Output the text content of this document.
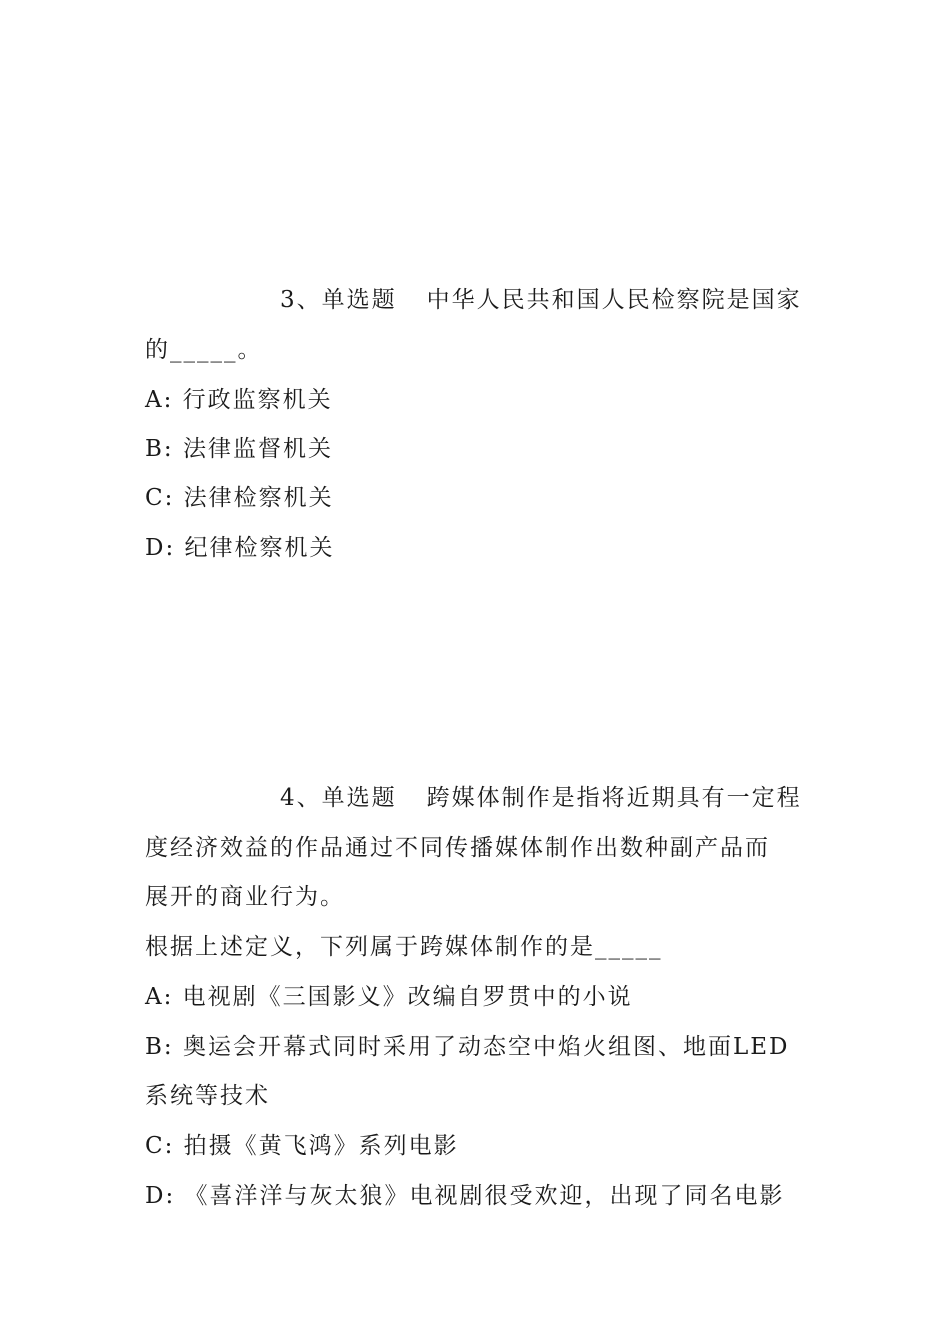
3、单选题 中华人民共和国人民检察院是国家
的_____。
A: 行政监察机关
B: 法律监督机关
C: 法律检察机关
D: 纪律检察机关
4、单选题 跨媒体制作是指将近期具有一定程
度经济效益的作品通过不同传播媒体制作出数种副产品而
展开的商业行为。
根据上述定义，下列属于跨媒体制作的是_____
A: 电视剧《三国影义》改编自罗贯中的小说
B: 奥运会开幕式同时采用了动态空中焰火组图、地面LED
系统等技术
C: 拍摄《黄飞鸿》系列电影
D: 《喜洋洋与灰太狼》电视剧很受欢迎，出现了同名电影
